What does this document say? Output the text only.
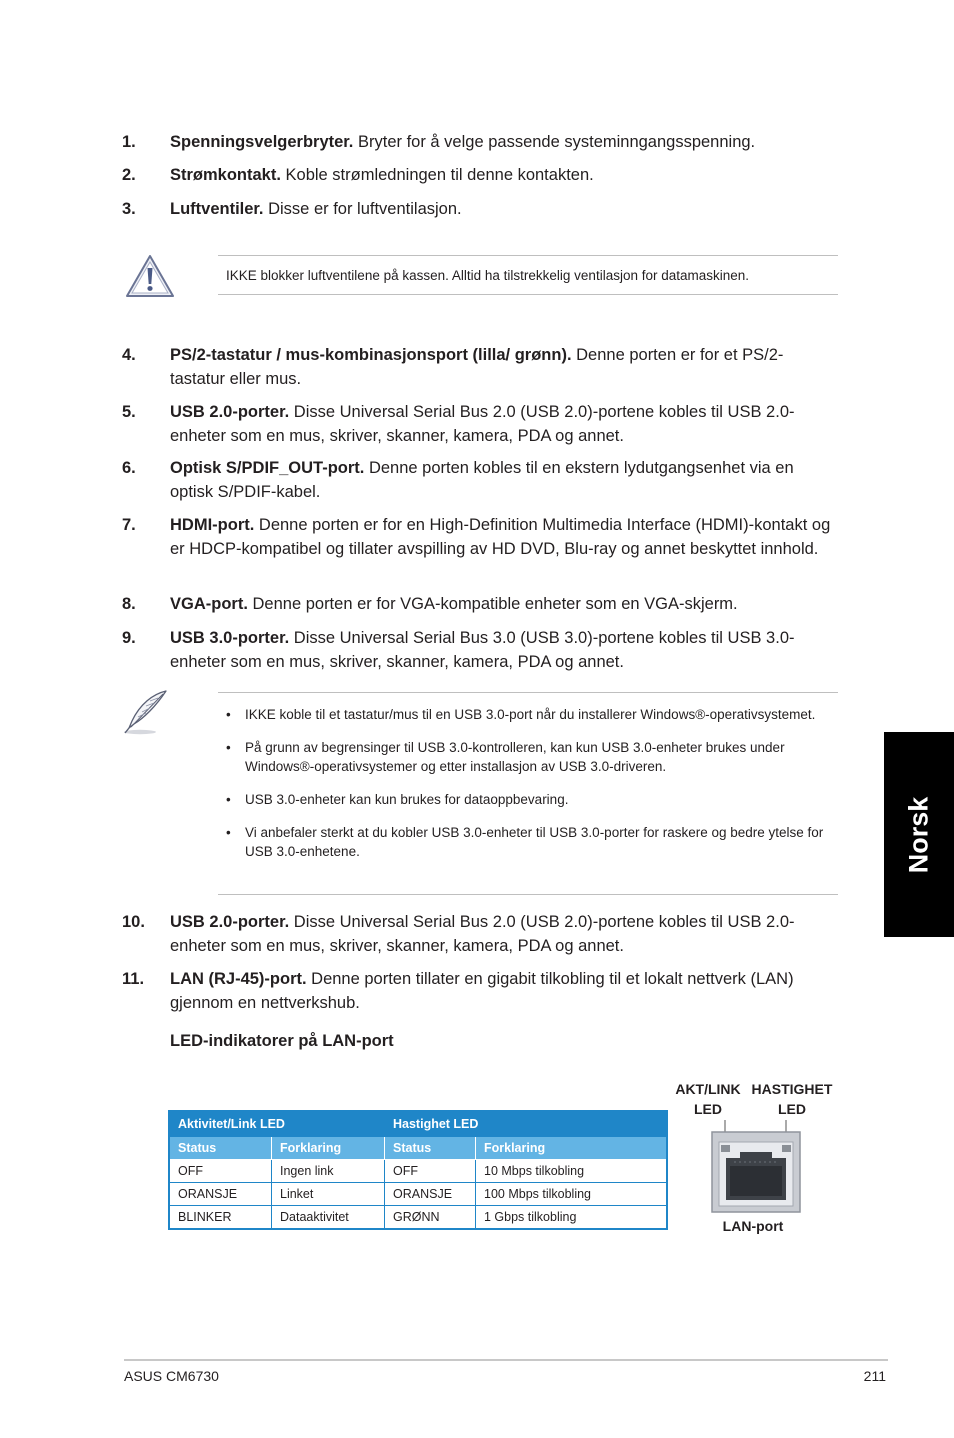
1. Spenningsvelgerbryter. Bryter for å velge passende systeminngangsspenning.
2. Strømkontakt. Koble strømledningen til denne kontakten.
3. Luftventiler. Disse er for luftventilasjon.
IKKE blokker luftventilene på kassen. Alltid ha tilstrekkelig ventilasjon for datamaskinen.
4. PS/2-tastatur / mus-kombinasjonsport (lilla/ grønn). Denne porten er for et PS/2-tastatur eller mus.
5. USB 2.0-porter. Disse Universal Serial Bus 2.0 (USB 2.0)-portene kobles til USB 2.0-enheter som en mus, skriver, skanner, kamera, PDA og annet.
6. Optisk S/PDIF_OUT-port. Denne porten kobles til en ekstern lydutgangsenhet via en optisk S/PDIF-kabel.
7. HDMI-port. Denne porten er for en High-Definition Multimedia Interface (HDMI)-kontakt og er HDCP-kompatibel og tillater avspilling av HD DVD, Blu-ray og annet beskyttet innhold.
8. VGA-port. Denne porten er for VGA-kompatible enheter som en VGA-skjerm.
9. USB 3.0-porter. Disse Universal Serial Bus 3.0 (USB 3.0)-portene kobles til USB 3.0-enheter som en mus, skriver, skanner, kamera, PDA og annet.
• IKKE koble til et tastatur/mus til en USB 3.0-port når du installerer Windows®-operativsystemet.
• På grunn av begrensinger til USB 3.0-kontrolleren, kan kun USB 3.0-enheter brukes under Windows®-operativsystemer og etter installasjon av USB 3.0-driveren.
• USB 3.0-enheter kan kun brukes for dataoppbevaring.
• Vi anbefaler sterkt at du kobler USB 3.0-enheter til USB 3.0-porter for raskere og bedre ytelse for USB 3.0-enhetene.
10. USB 2.0-porter. Disse Universal Serial Bus 2.0 (USB 2.0)-portene kobles til USB 2.0-enheter som en mus, skriver, skanner, kamera, PDA og annet.
11. LAN (RJ-45)-port. Denne porten tillater en gigabit tilkobling til et lokalt nettverk (LAN) gjennom en nettverkshub.
LED-indikatorer på LAN-port
Aktivitet/Link LED		Hastighet LED	
Status	Forklaring	Status	Forklaring
OFF	Ingen link	OFF	10 Mbps tilkobling
ORANSJE	Linket	ORANSJE	100 Mbps tilkobling
BLINKER	Dataaktivitet	GRØNN	1 Gbps tilkobling
AKT/LINK
LED
HASTIGHET
LED
LAN-port
Norsk
ASUS CM6730	211
